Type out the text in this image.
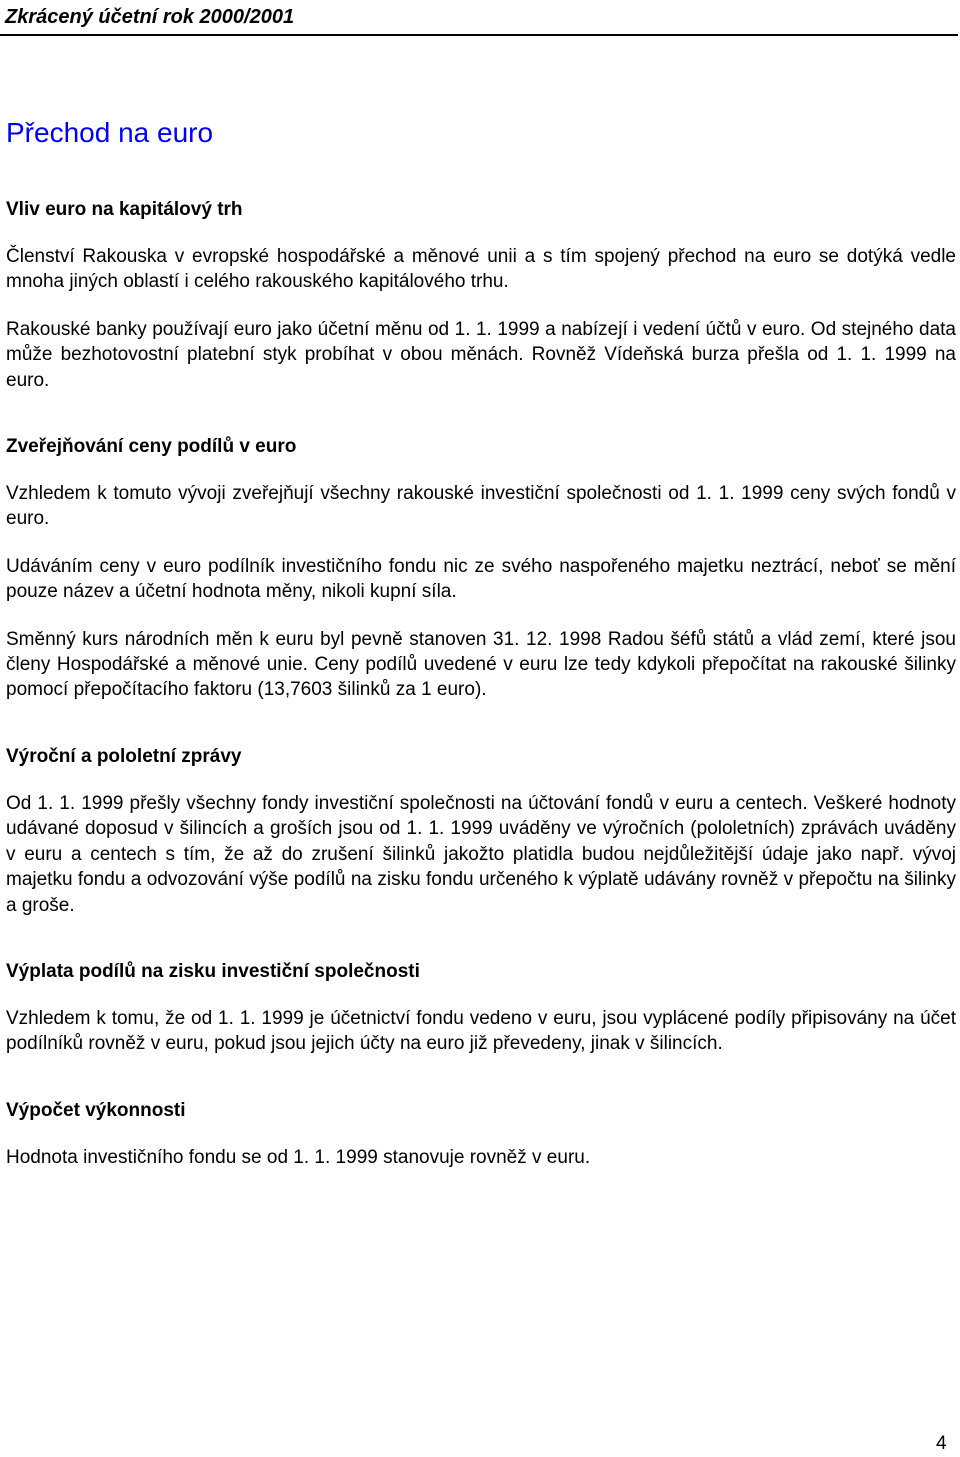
Zkrácený účetní rok 2000/2001
Přechod na euro
Vliv euro na kapitálový trh

Členství Rakouska v evropské hospodářské a měnové unii a s tím spojený přechod na euro se dotýká vedle mnoha jiných oblastí i celého rakouského kapitálového trhu.

Rakouské banky používají euro jako účetní měnu od 1. 1. 1999 a nabízejí i vedení účtů v euro. Od stejného data může bezhotovostní platební styk probíhat v obou měnách. Rovněž Vídeňská burza přešla od 1. 1. 1999 na euro.

Zveřejňování ceny podílů v euro

Vzhledem k tomuto vývoji zveřejňují všechny rakouské investiční společnosti od 1. 1. 1999 ceny svých fondů v euro.

Udáváním ceny v euro podílník investičního fondu nic ze svého naspořeného majetku neztrácí, neboť se mění pouze název a účetní hodnota měny, nikoli kupní síla.

Směnný kurs národních měn k euru byl pevně stanoven 31. 12. 1998 Radou šéfů států a vlád zemí, které jsou členy Hospodářské a měnové unie. Ceny podílů uvedené v euru lze tedy kdykoli přepočítat na rakouské šilinky pomocí přepočítacího faktoru (13,7603 šilinků za 1 euro).

Výroční a pololetní zprávy

Od 1. 1. 1999 přešly všechny fondy investiční společnosti na účtování fondů v euru a centech. Veškeré hodnoty udávané doposud v šilincích a groších jsou od 1. 1. 1999 uváděny ve výročních (pololetních) zprávách uváděny v euru a centech s tím, že až do zrušení šilinků jakožto platidla budou nejdůležitější údaje jako např. vývoj majetku fondu a odvozování výše podílů na zisku fondu určeného k výplatě udávány rovněž v přepočtu na šilinky a groše.

Výplata podílů na zisku investiční společnosti

Vzhledem k tomu, že od 1. 1. 1999 je účetnictví fondu vedeno v euru, jsou vyplácené podíly připisovány na účet podílníků rovněž v euru, pokud jsou jejich účty na euro již převedeny, jinak v šilincích.

Výpočet výkonnosti

Hodnota investičního fondu se od 1. 1. 1999 stanovuje rovněž v euru.

4
